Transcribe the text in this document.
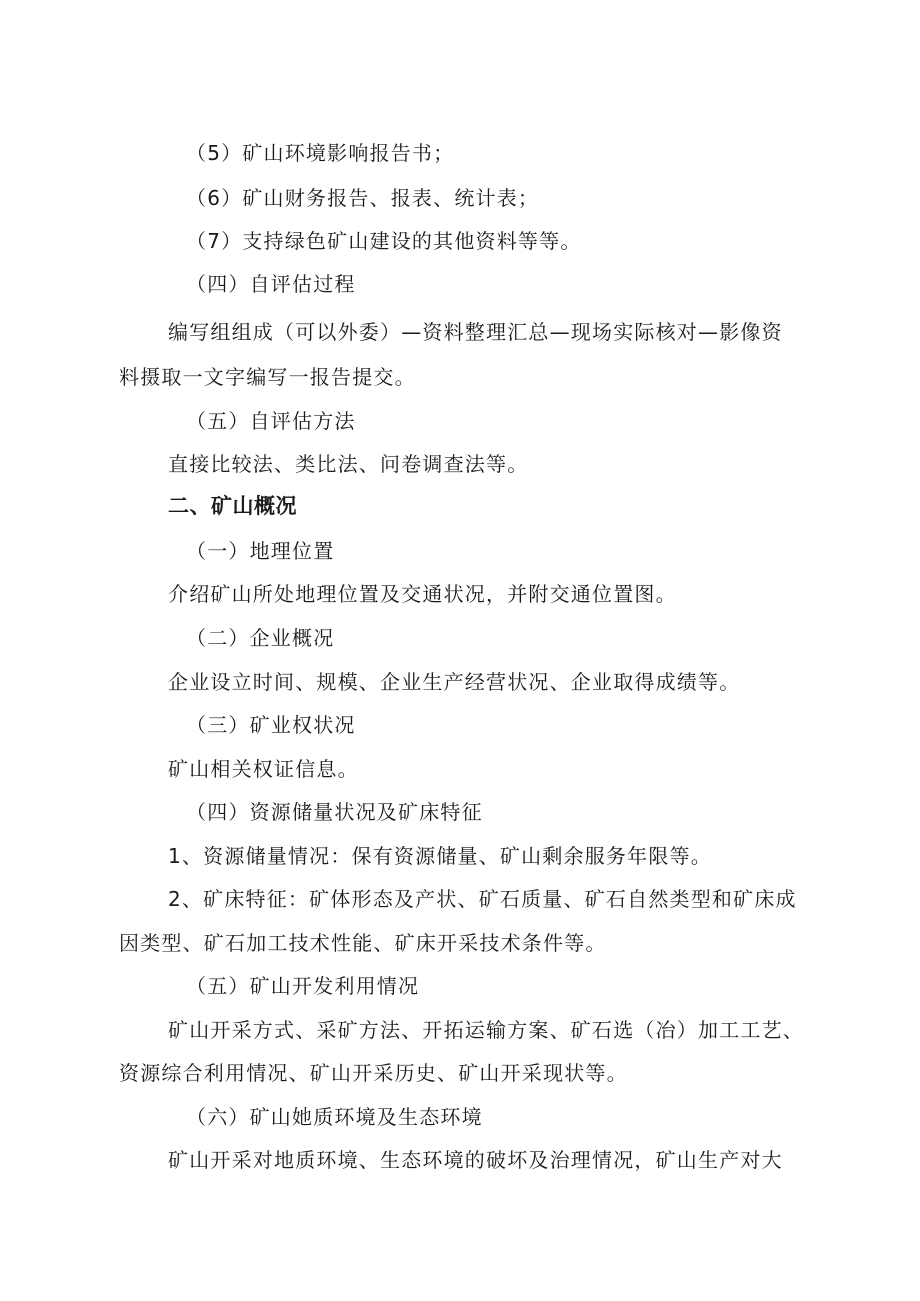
（5）矿山环境影响报告书；
（6）矿山财务报告、报表、统计表；
（7）支持绿色矿山建设的其他资料等等。
（四）自评估过程
编写组组成（可以外委）—资料整理汇总—现场实际核对—影像资
料摄取一文字编写一报告提交。
（五）自评估方法
直接比较法、类比法、问卷调查法等。
二、矿山概况
（一）地理位置
介绍矿山所处地理位置及交通状况，并附交通位置图。
（二）企业概况
企业设立时间、规模、企业生产经营状况、企业取得成绩等。
（三）矿业权状况
矿山相关权证信息。
（四）资源储量状况及矿床特征
1、资源储量情况：保有资源储量、矿山剩余服务年限等。
2、矿床特征：矿体形态及产状、矿石质量、矿石自然类型和矿床成
因类型、矿石加工技术性能、矿床开采技术条件等。
（五）矿山开发利用情况
矿山开采方式、采矿方法、开拓运输方案、矿石选（冶）加工工艺、
资源综合利用情况、矿山开采历史、矿山开采现状等。
（六）矿山她质环境及生态环境
矿山开采对地质环境、生态环境的破坏及治理情况，矿山生产对大
